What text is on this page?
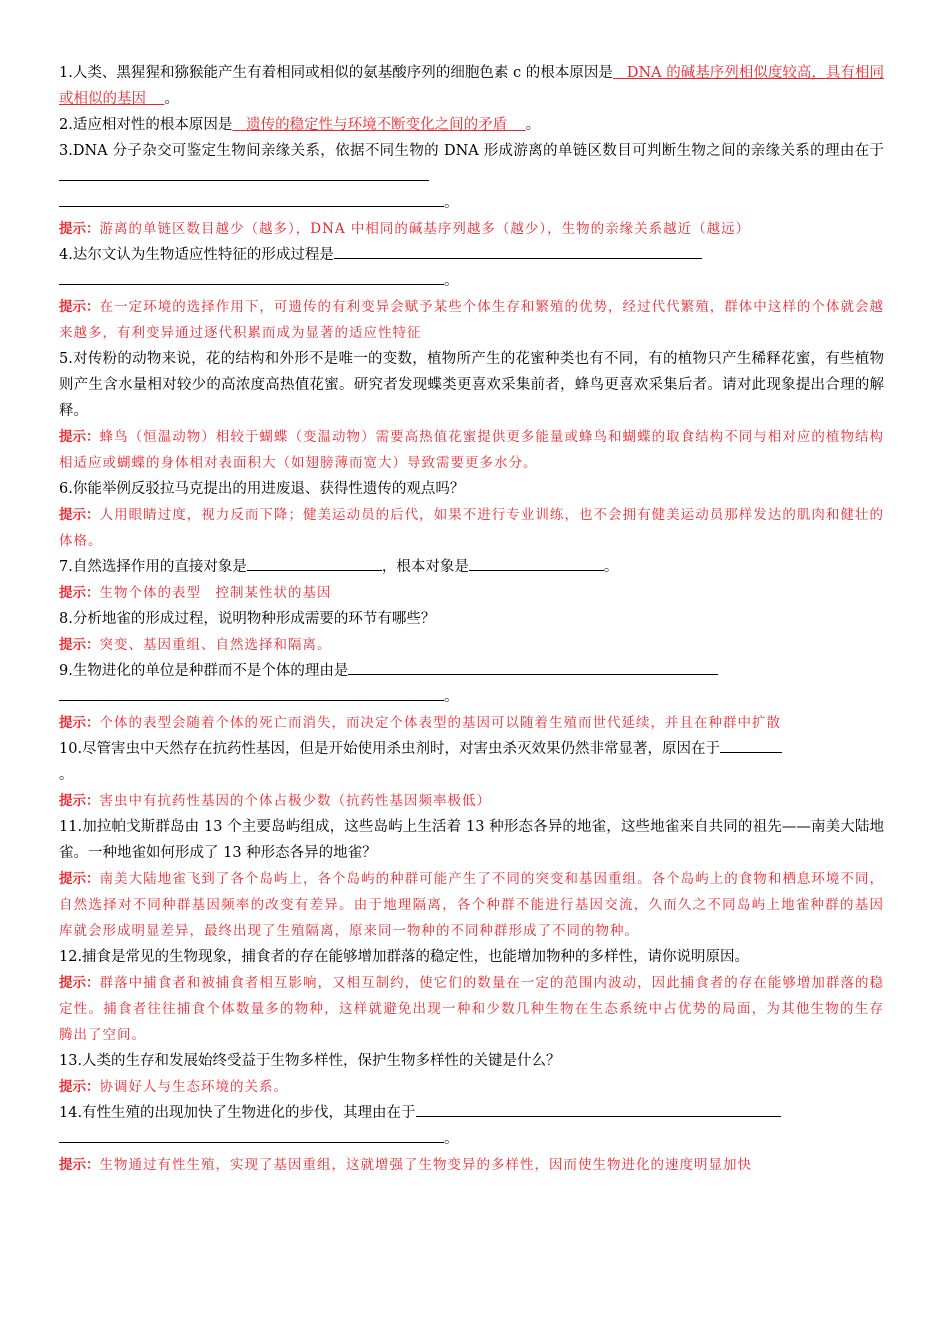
1.人类、黑猩猩和猕猴能产生有着相同或相似的氨基酸序列的细胞色素 c 的根本原因是 DNA 的碱基序列相似度较高，具有相同或相似的基因 。

2.适应相对性的根本原因是 遗传的稳定性与环境不断变化之间的矛盾 。

3.DNA 分子杂交可鉴定生物间亲缘关系，依据不同生物的 DNA 形成游离的单链区数目可判断生物之间的亲缘关系的理由在于

。

提示：游离的单链区数目越少（越多），DNA 中相同的碱基序列越多（越少），生物的亲缘关系越近（越远）

4.达尔文认为生物适应性特征的形成过程是

。

提示：在一定环境的选择作用下，可遗传的有利变异会赋予某些个体生存和繁殖的优势，经过代代繁殖，群体中这样的个体就会越来越多，有利变异通过逐代积累而成为显著的适应性特征

5.对传粉的动物来说，花的结构和外形不是唯一的变数，植物所产生的花蜜种类也有不同，有的植物只产生稀释花蜜，有些植物则产生含水量相对较少的高浓度高热值花蜜。研究者发现蝶类更喜欢采集前者，蜂鸟更喜欢采集后者。请对此现象提出合理的解释。

提示：蜂鸟（恒温动物）相较于蝴蝶（变温动物）需要高热值花蜜提供更多能量或蜂鸟和蝴蝶的取食结构不同与相对应的植物结构相适应或蝴蝶的身体相对表面积大（如翅膀薄而宽大）导致需要更多水分。

6.你能举例反驳拉马克提出的用进废退、获得性遗传的观点吗？

提示：人用眼睛过度，视力反而下降；健美运动员的后代，如果不进行专业训练，也不会拥有健美运动员那样发达的肌肉和健壮的体格。

7.自然选择作用的直接对象是	，根本对象是	。

提示：生物个体的表型　控制某性状的基因

8.分析地雀的形成过程，说明物种形成需要的环节有哪些？

提示：突变、基因重组、自然选择和隔离。

9.生物进化的单位是种群而不是个体的理由是

。

提示：个体的表型会随着个体的死亡而消失，而决定个体表型的基因可以随着生殖而世代延续，并且在种群中扩散

10.尽管害虫中天然存在抗药性基因，但是开始使用杀虫剂时，对害虫杀灭效果仍然非常显著，原因在于
。

提示：害虫中有抗药性基因的个体占极少数（抗药性基因频率极低）

11.加拉帕戈斯群岛由 13 个主要岛屿组成，这些岛屿上生活着 13 种形态各异的地雀，这些地雀来自共同的祖先——南美大陆地雀。一种地雀如何形成了 13 种形态各异的地雀？

提示：南美大陆地雀飞到了各个岛屿上，各个岛屿的种群可能产生了不同的突变和基因重组。各个岛屿上的食物和栖息环境不同，自然选择对不同种群基因频率的改变有差异。由于地理隔离，各个种群不能进行基因交流，久而久之不同岛屿上地雀种群的基因库就会形成明显差异，最终出现了生殖隔离，原来同一物种的不同种群形成了不同的物种。

12.捕食是常见的生物现象，捕食者的存在能够增加群落的稳定性，也能增加物种的多样性，请你说明原因。

提示：群落中捕食者和被捕食者相互影响，又相互制约，使它们的数量在一定的范围内波动，因此捕食者的存在能够增加群落的稳定性。捕食者往往捕食个体数量多的物种，这样就避免出现一种和少数几种生物在生态系统中占优势的局面，为其他生物的生存腾出了空间。

13.人类的生存和发展始终受益于生物多样性，保护生物多样性的关键是什么？

提示：协调好人与生态环境的关系。

14.有性生殖的出现加快了生物进化的步伐，其理由在于

。

提示：生物通过有性生殖，实现了基因重组，这就增强了生物变异的多样性，因而使生物进化的速度明显加快
